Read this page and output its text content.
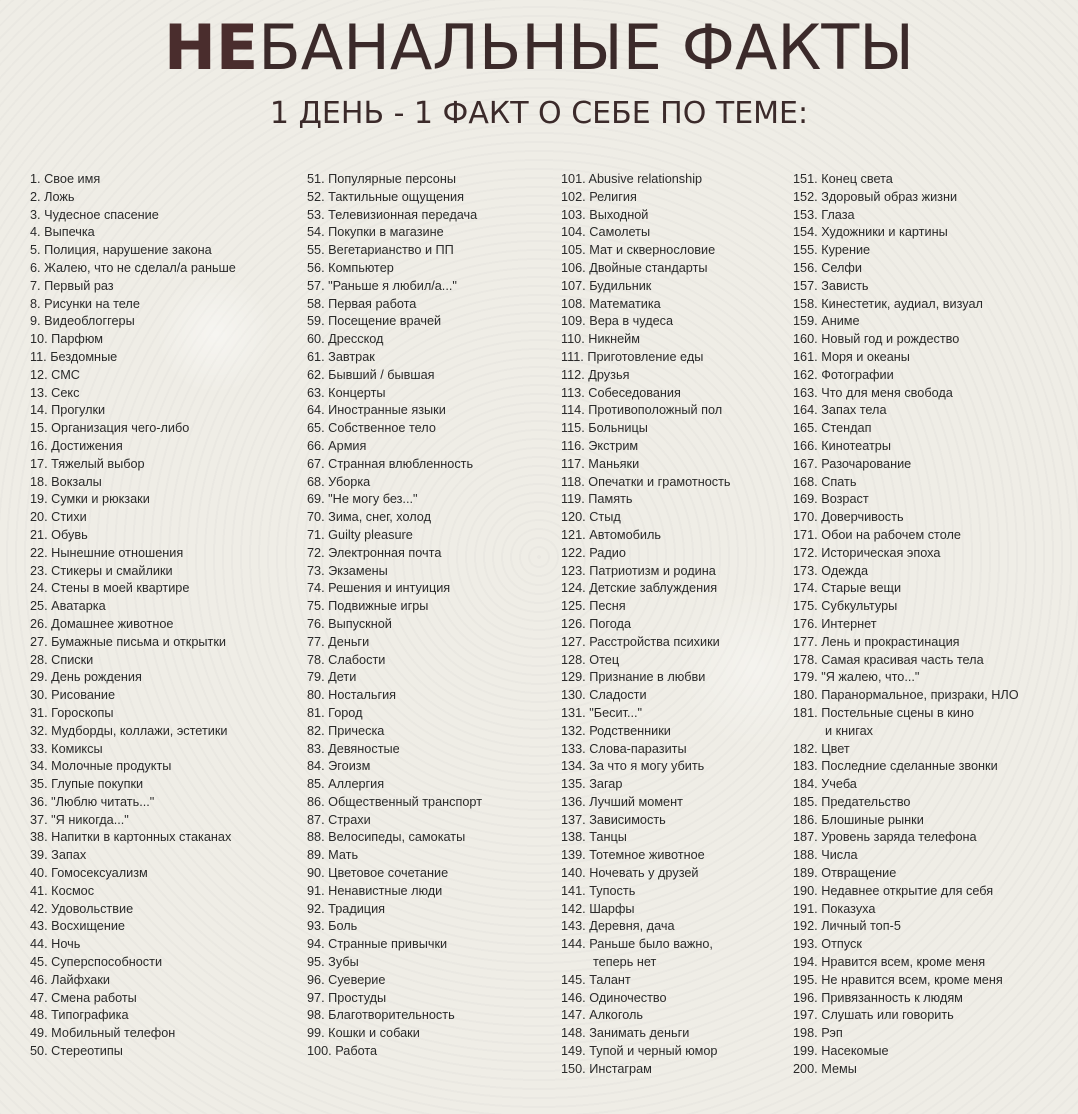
НЕБАНАЛЬНЫЕ ФАКТЫ
1 ДЕНЬ - 1 ФАКТ О СЕБЕ ПО ТЕМЕ:
1. Свое имя
2. Ложь
3. Чудесное спасение
4. Выпечка
5. Полиция, нарушение закона
6. Жалею, что не сделал/а раньше
7. Первый раз
8. Рисунки на теле
9. Видеоблоггеры
10. Парфюм
11. Бездомные
12. СМС
13. Секс
14. Прогулки
15. Организация чего-либо
16. Достижения
17. Тяжелый выбор
18. Вокзалы
19. Сумки и рюкзаки
20. Стихи
21. Обувь
22. Нынешние отношения
23. Стикеры и смайлики
24. Стены в моей квартире
25. Аватарка
26. Домашнее животное
27. Бумажные письма и открытки
28. Списки
29. День рождения
30. Рисование
31. Гороскопы
32. Мудборды, коллажи, эстетики
33. Комиксы
34. Молочные продукты
35. Глупые покупки
36. "Люблю читать..."
37. "Я никогда..."
38. Напитки в картонных стаканах
39. Запах
40. Гомосексуализм
41. Космос
42. Удовольствие
43. Восхищение
44. Ночь
45. Суперспособности
46. Лайфхаки
47. Смена работы
48. Типографика
49. Мобильный телефон
50. Стереотипы
51. Популярные персоны
52. Тактильные ощущения
53. Телевизионная передача
54. Покупки в магазине
55. Вегетарианство и ПП
56. Компьютер
57. "Раньше я любил/а..."
58. Первая работа
59. Посещение врачей
60. Дресскод
61. Завтрак
62. Бывший / бывшая
63. Концерты
64. Иностранные языки
65. Собственное тело
66. Армия
67. Странная влюбленность
68. Уборка
69. "Не могу без..."
70. Зима, снег, холод
71. Guilty pleasure
72. Электронная почта
73. Экзамены
74. Решения и интуиция
75. Подвижные игры
76. Выпускной
77. Деньги
78. Слабости
79. Дети
80. Ностальгия
81. Город
82. Прическа
83. Девяностые
84. Эгоизм
85. Аллергия
86. Общественный транспорт
87. Страхи
88. Велосипеды, самокаты
89. Мать
90. Цветовое сочетание
91. Ненавистные люди
92. Традиция
93. Боль
94. Странные привычки
95. Зубы
96. Суеверие
97. Простуды
98. Благотворительность
99. Кошки и собаки
100. Работа
101. Abusive relationship
102. Религия
103. Выходной
104. Самолеты
105. Мат и сквернословие
106. Двойные стандарты
107. Будильник
108. Математика
109. Вера в чудеса
110. Никнейм
111. Приготовление еды
112. Друзья
113. Собеседования
114. Противоположный пол
115. Больницы
116. Экстрим
117. Маньяки
118. Опечатки и грамотность
119. Память
120. Стыд
121. Автомобиль
122. Радио
123. Патриотизм и родина
124. Детские заблуждения
125. Песня
126. Погода
127. Расстройства психики
128. Отец
129. Признание в любви
130. Сладости
131. "Бесит..."
132. Родственники
133. Слова-паразиты
134. За что я могу убить
135. Загар
136. Лучший момент
137. Зависимость
138. Танцы
139. Тотемное животное
140. Ночевать у друзей
141. Тупость
142. Шарфы
143. Деревня, дача
144. Раньше было важно,
теперь нет
145. Талант
146. Одиночество
147. Алкоголь
148. Занимать деньги
149. Тупой и черный юмор
150. Инстаграм
151. Конец света
152. Здоровый образ жизни
153. Глаза
154. Художники и картины
155. Курение
156. Селфи
157. Зависть
158. Кинестетик, аудиал, визуал
159. Аниме
160. Новый год и рождество
161. Моря и океаны
162. Фотографии
163. Что для меня свобода
164. Запах тела
165. Стендап
166. Кинотеатры
167. Разочарование
168. Спать
169. Возраст
170. Доверчивость
171. Обои на рабочем столе
172. Историческая эпоха
173. Одежда
174. Старые вещи
175. Субкультуры
176. Интернет
177. Лень и прокрастинация
178. Самая красивая часть тела
179. "Я жалею, что..."
180. Паранормальное, призраки, НЛО
181. Постельные сцены в кино
и книгах
182. Цвет
183. Последние сделанные звонки
184. Учеба
185. Предательство
186. Блошиные рынки
187. Уровень заряда телефона
188. Числа
189. Отвращение
190. Недавнее открытие для себя
191. Показуха
192. Личный топ-5
193. Отпуск
194. Нравится всем, кроме меня
195. Не нравится всем, кроме меня
196. Привязанность к людям
197. Слушать или говорить
198. Рэп
199. Насекомые
200. Мемы
